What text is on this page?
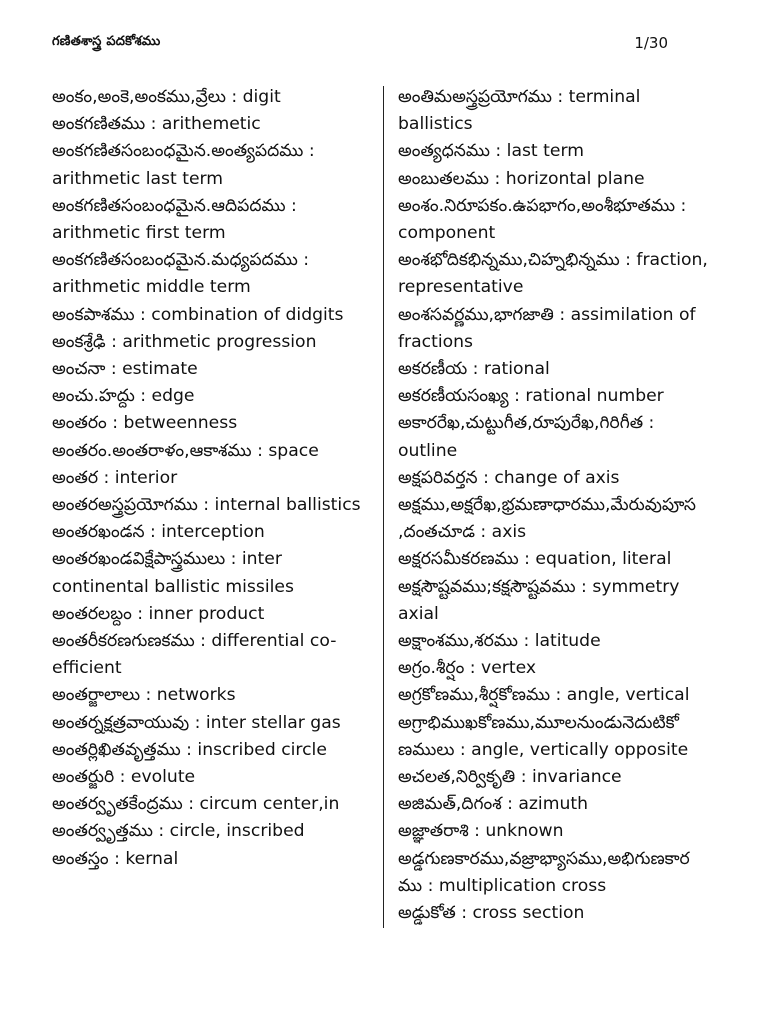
గణితశాస్త్ర పదకోశము	1/30

అంకం,అంకె,అంకము,వ్రేలు : digit

అంకగణితము : arithemetic

అంకగణితసంబంధమైన.అంత్యపదము : arithmetic last term

అంకగణితసంబంధమైన.ఆదిపదము : arithmetic first term

అంకగణితసంబంధమైన.మధ్యపదము : arithmetic middle term

అంకపాశము : combination of didgits

అంకశ్రేఢి : arithmetic progression

అంచనా : estimate

అంచు.హద్దు : edge

అంతరం : betweenness

అంతరం.అంతరాళం,ఆకాశము : space

అంతర : interior

అంతరఅస్త్రప్రయోగము : internal ballistics

అంతరఖండన : interception

అంతరఖండవిక్షేపాస్త్రములు : inter continental ballistic missiles

అంతరలబ్దం : inner product

అంతరీకరణగుణకము : differential co-efficient

అంతర్జాలాలు : networks

అంతర్నక్షత్రవాయువు : inter stellar gas

అంతర్లిఖితవృత్తము : inscribed circle

అంతర్జురి : evolute

అంతర్వృతకేంద్రము : circum center,in

అంతర్వృత్తము : circle, inscribed

అంతస్తం : kernal

అంతిమఅస్త్రప్రయోగము : terminal ballistics

అంత్యధనము : last term

అంబుతలము : horizontal plane

అంశం.నిరూపకం.ఉపభాగం,అంశీభూతము : component

అంశభోదికభిన్నము,చిహ్నభిన్నము : fraction, representative

అంశసవర్ణము,భాగజాతి : assimilation of fractions

అకరణీయ : rational

అకరణీయసంఖ్య : rational number

అకారరేఖ,చుట్టుగీత,రూపురేఖ,గిరిగీత : outline

అక్షపరివర్తన : change of axis

అక్షము,అక్షరేఖ,భ్రమణాధారము,మేరువుపూస ,దంతచూడ : axis

అక్షరసమీకరణము : equation, literal

అక్షసౌష్టవము;కక్షసౌష్టవము : symmetry axial

అక్షాంశము,శరము : latitude

అగ్రం.శీర్షం : vertex

అగ్రకోణము,శీర్షకోణము : angle, vertical

అగ్రాభిముఖకోణము,మూలనుండునెదుటికో ణములు : angle, vertically opposite

అచలత,నిర్వికృతి : invariance

అజిమత్,దిగంశ : azimuth

అజ్ఞాతరాశి : unknown

అడ్డగుణకారము,వజ్రాభ్యాసము,అభిగుణకార ము : multiplication cross

అడ్డుకోత : cross section
